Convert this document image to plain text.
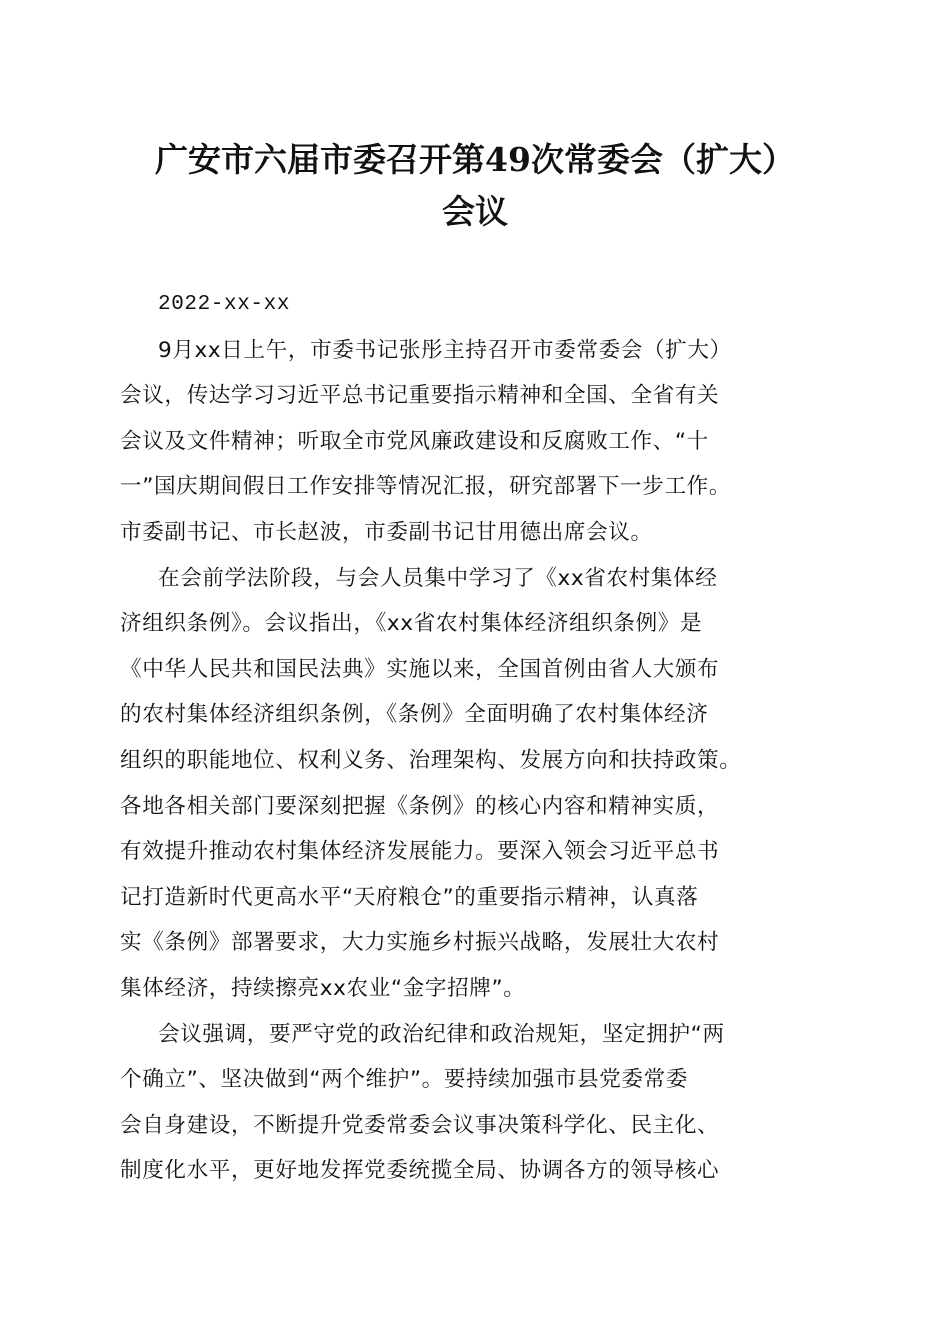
广安市六届市委召开第49次常委会（扩大）
会议
2022-xx-xx
9月xx日上午，市委书记张彤主持召开市委常委会（扩大）
会议，传达学习习近平总书记重要指示精神和全国、全省有关
会议及文件精神；听取全市党风廉政建设和反腐败工作、“十
一”国庆期间假日工作安排等情况汇报，研究部署下一步工作。
市委副书记、市长赵波，市委副书记甘用德出席会议。
在会前学法阶段，与会人员集中学习了《xx省农村集体经
济组织条例》。会议指出，《xx省农村集体经济组织条例》是
《中华人民共和国民法典》实施以来，全国首例由省人大颁布
的农村集体经济组织条例，《条例》全面明确了农村集体经济
组织的职能地位、权利义务、治理架构、发展方向和扶持政策。
各地各相关部门要深刻把握《条例》的核心内容和精神实质，
有效提升推动农村集体经济发展能力。要深入领会习近平总书
记打造新时代更高水平“天府粮仓”的重要指示精神，认真落
实《条例》部署要求，大力实施乡村振兴战略，发展壮大农村
集体经济，持续擦亮xx农业“金字招牌”。
会议强调，要严守党的政治纪律和政治规矩，坚定拥护“两
个确立”、坚决做到“两个维护”。要持续加强市县党委常委
会自身建设，不断提升党委常委会议事决策科学化、民主化、
制度化水平，更好地发挥党委统揽全局、协调各方的领导核心
